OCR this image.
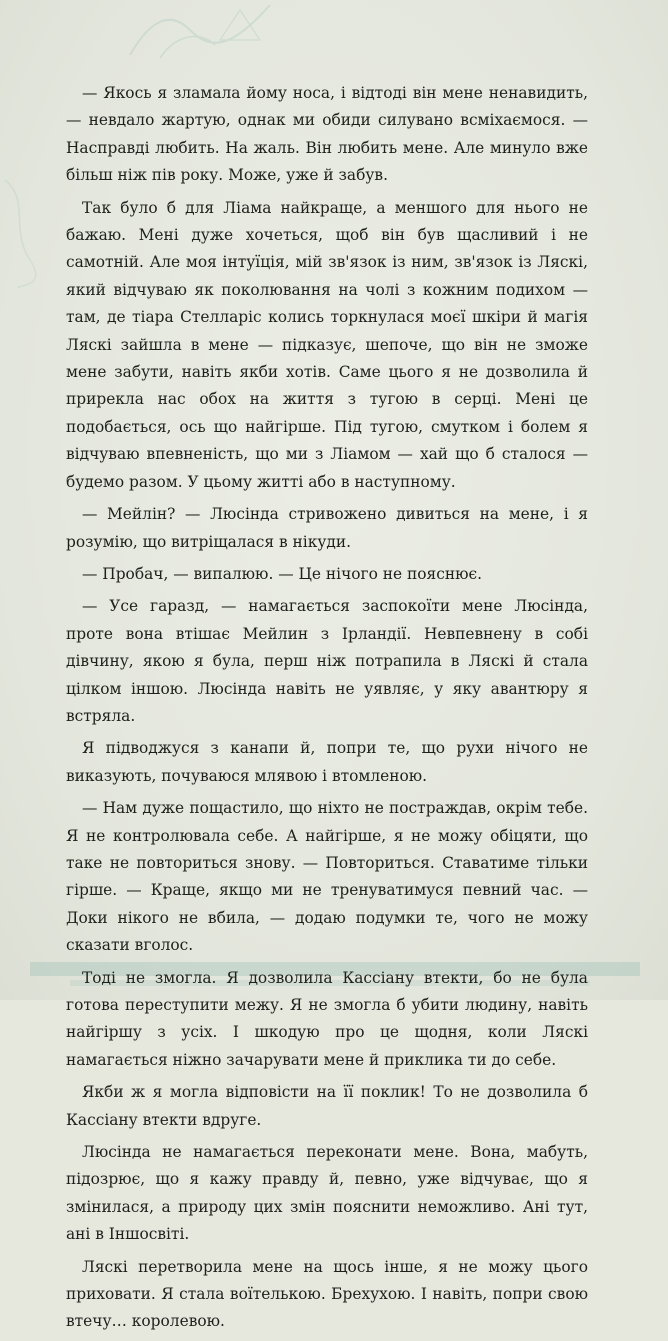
— Якось я зламала йому носа, і відтоді він мене ненавидить, — невдало жартую, однак ми обиди силувано всміхаємося. — Насправді любить. На жаль. Він любить мене. Але минуло вже більш ніж пів року. Може, уже й забув.

Так було б для Ліама найкраще, а меншого для нього не бажаю. Мені дуже хочеться, щоб він був щасливий і не самотній. Але моя інтуїція, мій зв'язок із ним, зв'язок із Ляскі, який відчуваю як поколювання на чолі з кожним подихом — там, де тіара Стелларіс колись торкнулася моєї шкіри й магія Ляскі зайшла в мене — підказує, шепоче, що він не зможе мене забути, навіть якби хотів. Саме цього я не дозволила й прирекла нас обох на життя з тугою в серці. Мені це подобається, ось що найгірше. Під тугою, смутком і болем я відчуваю впевненість, що ми з Ліамом — хай що б сталося — будемо разом. У цьому житті або в наступному.

— Мейлін? — Люсінда стривожено дивиться на мене, і я розумію, що витріщалася в нікуди.

— Пробач, — випалюю. — Це нічого не пояснює.

— Усе гаразд, — намагається заспокоїти мене Люсінда, проте вона втішає Мейлин з Ірландії. Невпевнену в собі дівчину, якою я була, перш ніж потрапила в Ляскі й стала цілком іншою. Люсінда навіть не уявляє, у яку авантюру я встряла.

Я підводжуся з канапи й, попри те, що рухи нічого не виказують, почуваюся млявою і втомленою.

— Нам дуже пощастило, що ніхто не постраждав, окрім тебе. Я не контролювала себе. А найгірше, я не можу обіцяти, що таке не повториться знову. — Повториться. Ставатиме тільки гірше. — Краще, якщо ми не тренуватимуся певний час. — Доки нікого не вбила, — додаю подумки те, чого не можу сказати вголос.

Тоді не змогла. Я дозволила Кассіану втекти, бо не була готова переступити межу. Я не змогла б убити людину, навіть найгіршу з усіх. І шкодую про це щодня, коли Ляскі намагається ніжно зачарувати мене й приклика ти до себе.

Якби ж я могла відповісти на її поклик! То не дозволила б Кассіану втекти вдруге.

Люсінда не намагається переконати мене. Вона, мабуть, підозрює, що я кажу правду й, певно, уже відчуває, що я змінилася, а природу цих змін пояснити неможливо. Ані тут, ані в Іншосвіті.

Ляскі перетворила мене на щось інше, я не можу цього приховати. Я стала воїтелькою. Брехухою. І навіть, попри свою втечу… королевою.
